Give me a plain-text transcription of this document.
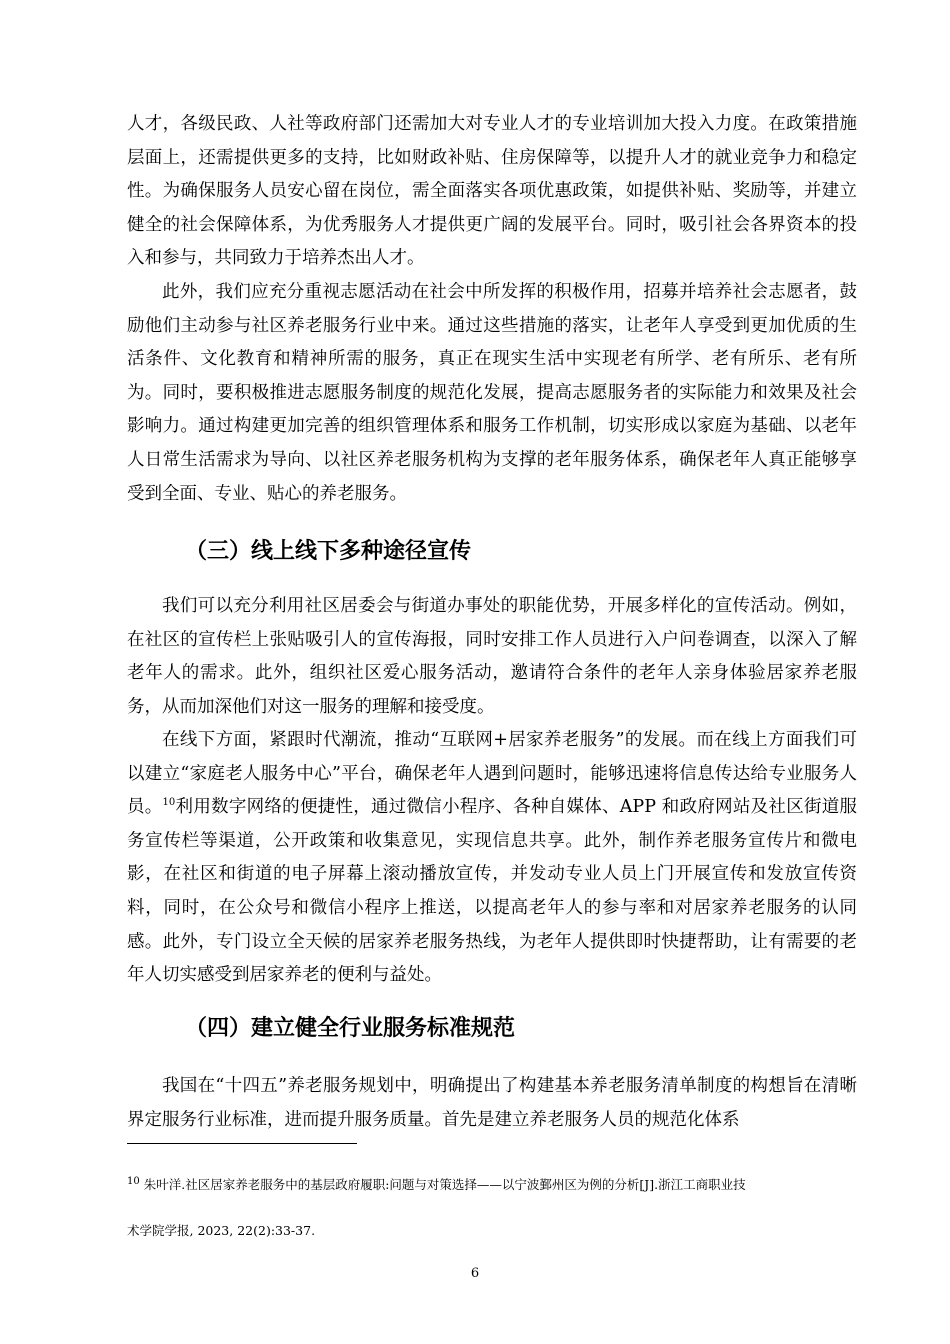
人才，各级民政、人社等政府部门还需加大对专业人才的专业培训加大投入力度。在政策措施层面上，还需提供更多的支持，比如财政补贴、住房保障等，以提升人才的就业竞争力和稳定性。为确保服务人员安心留在岗位，需全面落实各项优惠政策，如提供补贴、奖励等，并建立健全的社会保障体系，为优秀服务人才提供更广阔的发展平台。同时，吸引社会各界资本的投入和参与，共同致力于培养杰出人才。

此外，我们应充分重视志愿活动在社会中所发挥的积极作用，招募并培养社会志愿者，鼓励他们主动参与社区养老服务行业中来。通过这些措施的落实，让老年人享受到更加优质的生活条件、文化教育和精神所需的服务，真正在现实生活中实现老有所学、老有所乐、老有所为。同时，要积极推进志愿服务制度的规范化发展，提高志愿服务者的实际能力和效果及社会影响力。通过构建更加完善的组织管理体系和服务工作机制，切实形成以家庭为基础、以老年人日常生活需求为导向、以社区养老服务机构为支撑的老年服务体系，确保老年人真正能够享受到全面、专业、贴心的养老服务。

（三）线上线下多种途径宣传

我们可以充分利用社区居委会与街道办事处的职能优势，开展多样化的宣传活动。例如，在社区的宣传栏上张贴吸引人的宣传海报，同时安排工作人员进行入户问卷调查，以深入了解老年人的需求。此外，组织社区爱心服务活动，邀请符合条件的老年人亲身体验居家养老服务，从而加深他们对这一服务的理解和接受度。

在线下方面，紧跟时代潮流，推动“互联网+居家养老服务”的发展。而在线上方面我们可以建立“家庭老人服务中心”平台，确保老年人遇到问题时，能够迅速将信息传达给专业服务人员。$^{10}$利用数字网络的便捷性，通过微信小程序、各种自媒体、APP 和政府网站及社区街道服务宣传栏等渠道，公开政策和收集意见，实现信息共享。此外，制作养老服务宣传片和微电影，在社区和街道的电子屏幕上滚动播放宣传，并发动专业人员上门开展宣传和发放宣传资料，同时，在公众号和微信小程序上推送，以提高老年人的参与率和对居家养老服务的认同感。此外，专门设立全天候的居家养老服务热线，为老年人提供即时快捷帮助，让有需要的老年人切实感受到居家养老的便利与益处。

（四）建立健全行业服务标准规范

我国在“十四五”养老服务规划中，明确提出了构建基本养老服务清单制度的构想旨在清晰界定服务行业标准，进而提升服务质量。首先是建立养老服务人员的规范化体系

$^{10}$ 朱叶洋.社区居家养老服务中的基层政府履职:问题与对策选择——以宁波鄞州区为例的分析[J].浙江工商职业技

术学院学报, 2023, 22(2):33-37.

6
